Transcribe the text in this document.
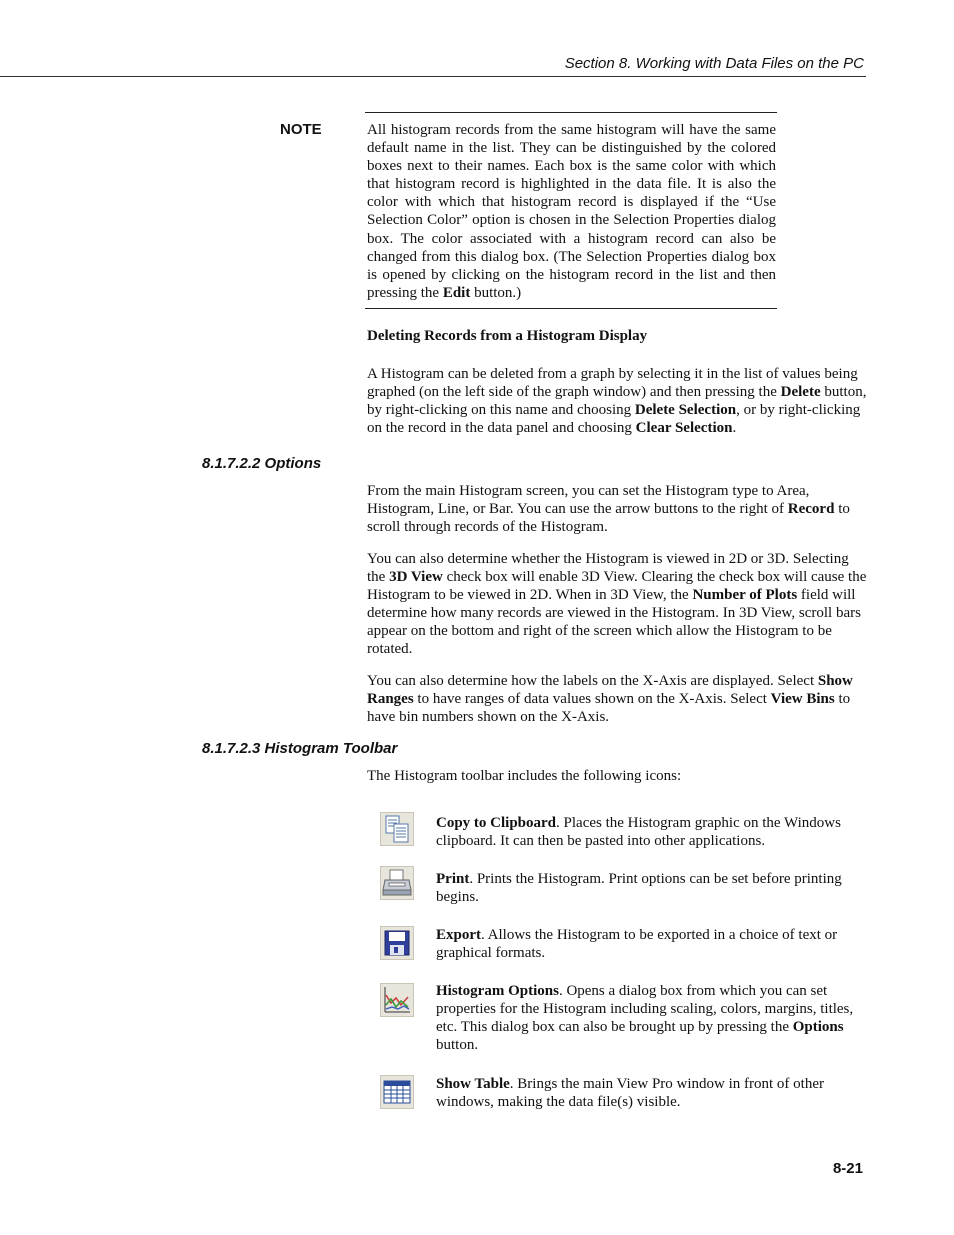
Section 8. Working with Data Files on the PC
NOTE	All histogram records from the same histogram will have the same default name in the list. They can be distinguished by the colored boxes next to their names. Each box is the same color with which that histogram record is highlighted in the data file. It is also the color with which that histogram record is displayed if the “Use Selection Color” option is chosen in the Selection Properties dialog box. The color associated with a histogram record can also be changed from this dialog box. (The Selection Properties dialog box is opened by clicking on the histogram record in the list and then pressing the Edit button.)

Deleting Records from a Histogram Display

A Histogram can be deleted from a graph by selecting it in the list of values being graphed (on the left side of the graph window) and then pressing the Delete button, by right-clicking on this name and choosing Delete Selection, or by right-clicking on the record in the data panel and choosing Clear Selection.

8.1.7.2.2 Options

From the main Histogram screen, you can set the Histogram type to Area, Histogram, Line, or Bar. You can use the arrow buttons to the right of Record to scroll through records of the Histogram.

You can also determine whether the Histogram is viewed in 2D or 3D. Selecting the 3D View check box will enable 3D View. Clearing the check box will cause the Histogram to be viewed in 2D. When in 3D View, the Number of Plots field will determine how many records are viewed in the Histogram. In 3D View, scroll bars appear on the bottom and right of the screen which allow the Histogram to be rotated.

You can also determine how the labels on the X-Axis are displayed. Select Show Ranges to have ranges of data values shown on the X-Axis. Select View Bins to have bin numbers shown on the X-Axis.

8.1.7.2.3 Histogram Toolbar

The Histogram toolbar includes the following icons:

Copy to Clipboard. Places the Histogram graphic on the Windows clipboard. It can then be pasted into other applications.

Print. Prints the Histogram. Print options can be set before printing begins.

Export. Allows the Histogram to be exported in a choice of text or graphical formats.

Histogram Options. Opens a dialog box from which you can set properties for the Histogram including scaling, colors, margins, titles, etc. This dialog box can also be brought up by pressing the Options button.

Show Table. Brings the main View Pro window in front of other windows, making the data file(s) visible.

8-21
